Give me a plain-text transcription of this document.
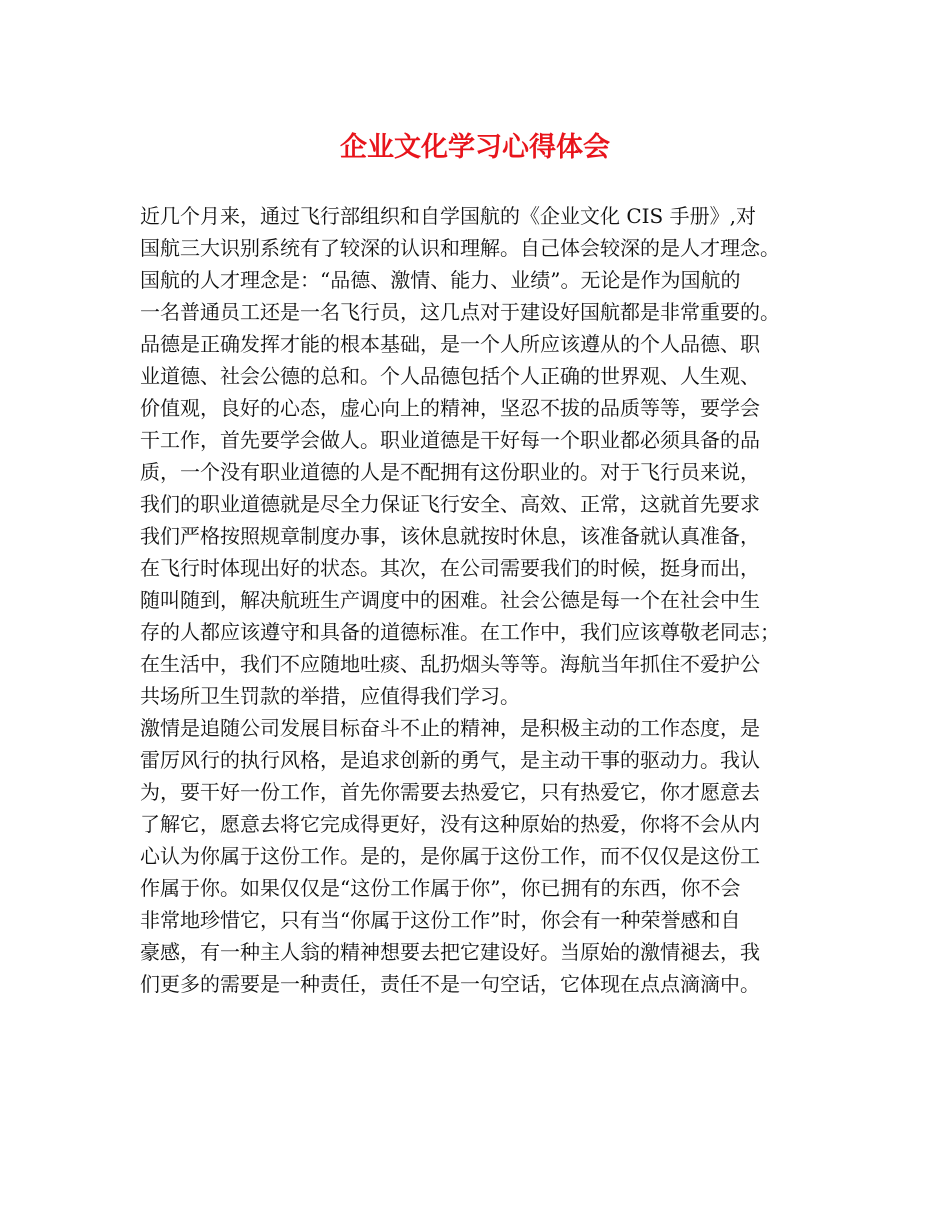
企业文化学习心得体会

近几个月来，通过飞行部组织和自学国航的《企业文化 CIS 手册》,对

国航三大识别系统有了较深的认识和理解。自己体会较深的是人才理念。

国航的人才理念是：“品德、激情、能力、业绩”。无论是作为国航的

一名普通员工还是一名飞行员，这几点对于建设好国航都是非常重要的。

品德是正确发挥才能的根本基础，是一个人所应该遵从的个人品德、职

业道德、社会公德的总和。个人品德包括个人正确的世界观、人生观、

价值观，良好的心态，虚心向上的精神，坚忍不拔的品质等等，要学会

干工作，首先要学会做人。职业道德是干好每一个职业都必须具备的品

质，一个没有职业道德的人是不配拥有这份职业的。对于飞行员来说，

我们的职业道德就是尽全力保证飞行安全、高效、正常，这就首先要求

我们严格按照规章制度办事，该休息就按时休息，该准备就认真准备，

在飞行时体现出好的状态。其次，在公司需要我们的时候，挺身而出，

随叫随到，解决航班生产调度中的困难。社会公德是每一个在社会中生

存的人都应该遵守和具备的道德标准。在工作中，我们应该尊敬老同志；

在生活中，我们不应随地吐痰、乱扔烟头等等。海航当年抓住不爱护公

共场所卫生罚款的举措，应值得我们学习。

激情是追随公司发展目标奋斗不止的精神，是积极主动的工作态度，是

雷厉风行的执行风格，是追求创新的勇气，是主动干事的驱动力。我认

为，要干好一份工作，首先你需要去热爱它，只有热爱它，你才愿意去

了解它，愿意去将它完成得更好，没有这种原始的热爱，你将不会从内

心认为你属于这份工作。是的，是你属于这份工作，而不仅仅是这份工

作属于你。如果仅仅是“这份工作属于你”，你已拥有的东西，你不会

非常地珍惜它，只有当“你属于这份工作”时，你会有一种荣誉感和自

豪感，有一种主人翁的精神想要去把它建设好。当原始的激情褪去，我

们更多的需要是一种责任，责任不是一句空话，它体现在点点滴滴中。
